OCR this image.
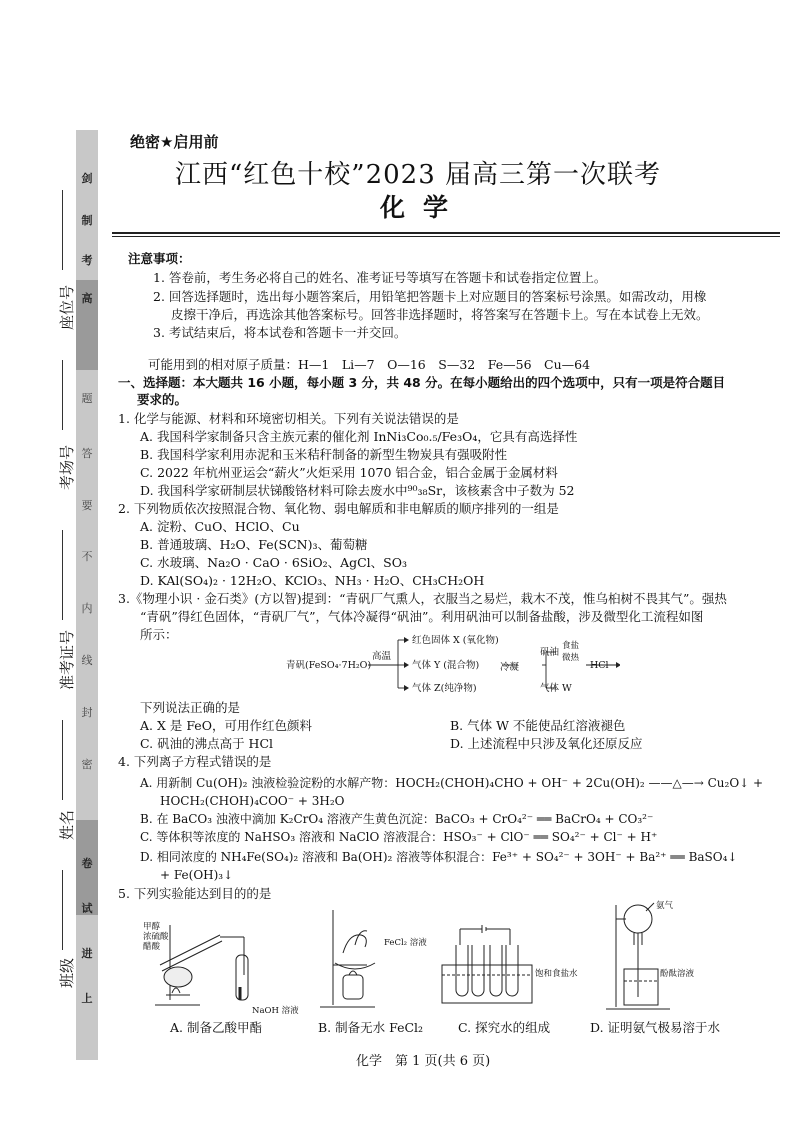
剑
制
考
高
题
答
要
不
内
线
封
密
卷
试
进
上
座位号
考场号
准考证号
姓名
班级
绝密★启用前
江西“红色十校”2023 届高三第一次联考
化学
注意事项：
1. 答卷前，考生务必将自己的姓名、准考证号等填写在答题卡和试卷指定位置上。
2. 回答选择题时，选出每小题答案后，用铅笔把答题卡上对应题目的答案标号涂黑。如需改动，用橡
皮擦干净后，再选涂其他答案标号。回答非选择题时，将答案写在答题卡上。写在本试卷上无效。
3. 考试结束后，将本试卷和答题卡一并交回。
可能用到的相对原子质量：H—1　Li—7　O—16　S—32　Fe—56　Cu—64
一、选择题：本大题共 16 小题，每小题 3 分，共 48 分。在每小题给出的四个选项中，只有一项是符合题目
要求的。
1. 化学与能源、材料和环境密切相关。下列有关说法错误的是
A. 我国科学家制备只含主族元素的催化剂 InNi₃Co₀.₅/Fe₃O₄，它具有高选择性
B. 我国科学家利用赤泥和玉米秸秆制备的新型生物炭具有强吸附性
C. 2022 年杭州亚运会“薪火”火炬采用 1070 铝合金，铝合金属于金属材料
D. 我国科学家研制层状锑酸铬材料可除去废水中⁹⁰₃₈Sr，该核素含中子数为 52
2. 下列物质依次按照混合物、氧化物、弱电解质和非电解质的顺序排列的一组是
A. 淀粉、CuO、HClO、Cu
B. 普通玻璃、H₂O、Fe(SCN)₃、葡萄糖
C. 水玻璃、Na₂O · CaO · 6SiO₂、AgCl、SO₃
D. KAl(SO₄)₂ · 12H₂O、KClO₃、NH₃ · H₂O、CH₃CH₂OH
3.《物理小识 · 金石类》(方以智)提到：“青矾厂气熏人，衣服当之易烂，栽木不茂，惟乌桕树不畏其气”。强热
“青矾”得红色固体，“青矾厂气”，气体冷凝得“矾油”。利用矾油可以制备盐酸，涉及微型化工流程如图
所示：
青矾(FeSO₄·7H₂O)
高温
红色固体 X (氧化物)
气体 Y (混合物)
气体 Z(纯净物)
冷凝
矾油
食盐
微热
HCl
气体 W
下列说法正确的是
A. X 是 FeO，可用作红色颜料	B. 气体 W 不能使品红溶液褪色
C. 矾油的沸点高于 HCl	D. 上述流程中只涉及氧化还原反应
4. 下列离子方程式错误的是
A. 用新制 Cu(OH)₂ 浊液检验淀粉的水解产物：HOCH₂(CHOH)₄CHO + OH⁻ + 2Cu(OH)₂ ——△—→ Cu₂O↓ +
HOCH₂(CHOH)₄COO⁻ + 3H₂O
B. 在 BaCO₃ 浊液中滴加 K₂CrO₄ 溶液产生黄色沉淀：BaCO₃ + CrO₄²⁻ ══ BaCrO₄ + CO₃²⁻
C. 等体积等浓度的 NaHSO₃ 溶液和 NaClO 溶液混合：HSO₃⁻ + ClO⁻ ══ SO₄²⁻ + Cl⁻ + H⁺
D. 相同浓度的 NH₄Fe(SO₄)₂ 溶液和 Ba(OH)₂ 溶液等体积混合：Fe³⁺ + SO₄²⁻ + 3OH⁻ + Ba²⁺ ══ BaSO₄↓
+ Fe(OH)₃↓
5. 下列实验能达到目的的是
甲醇
浓硫酸
醋酸
NaOH 溶液
A. 制备乙酸甲酯
FeCl₂ 溶液
B. 制备无水 FeCl₂
饱和食盐水
C. 探究水的组成
氨气
酚酞溶液
D. 证明氨气极易溶于水
化学　第 1 页(共 6 页)
